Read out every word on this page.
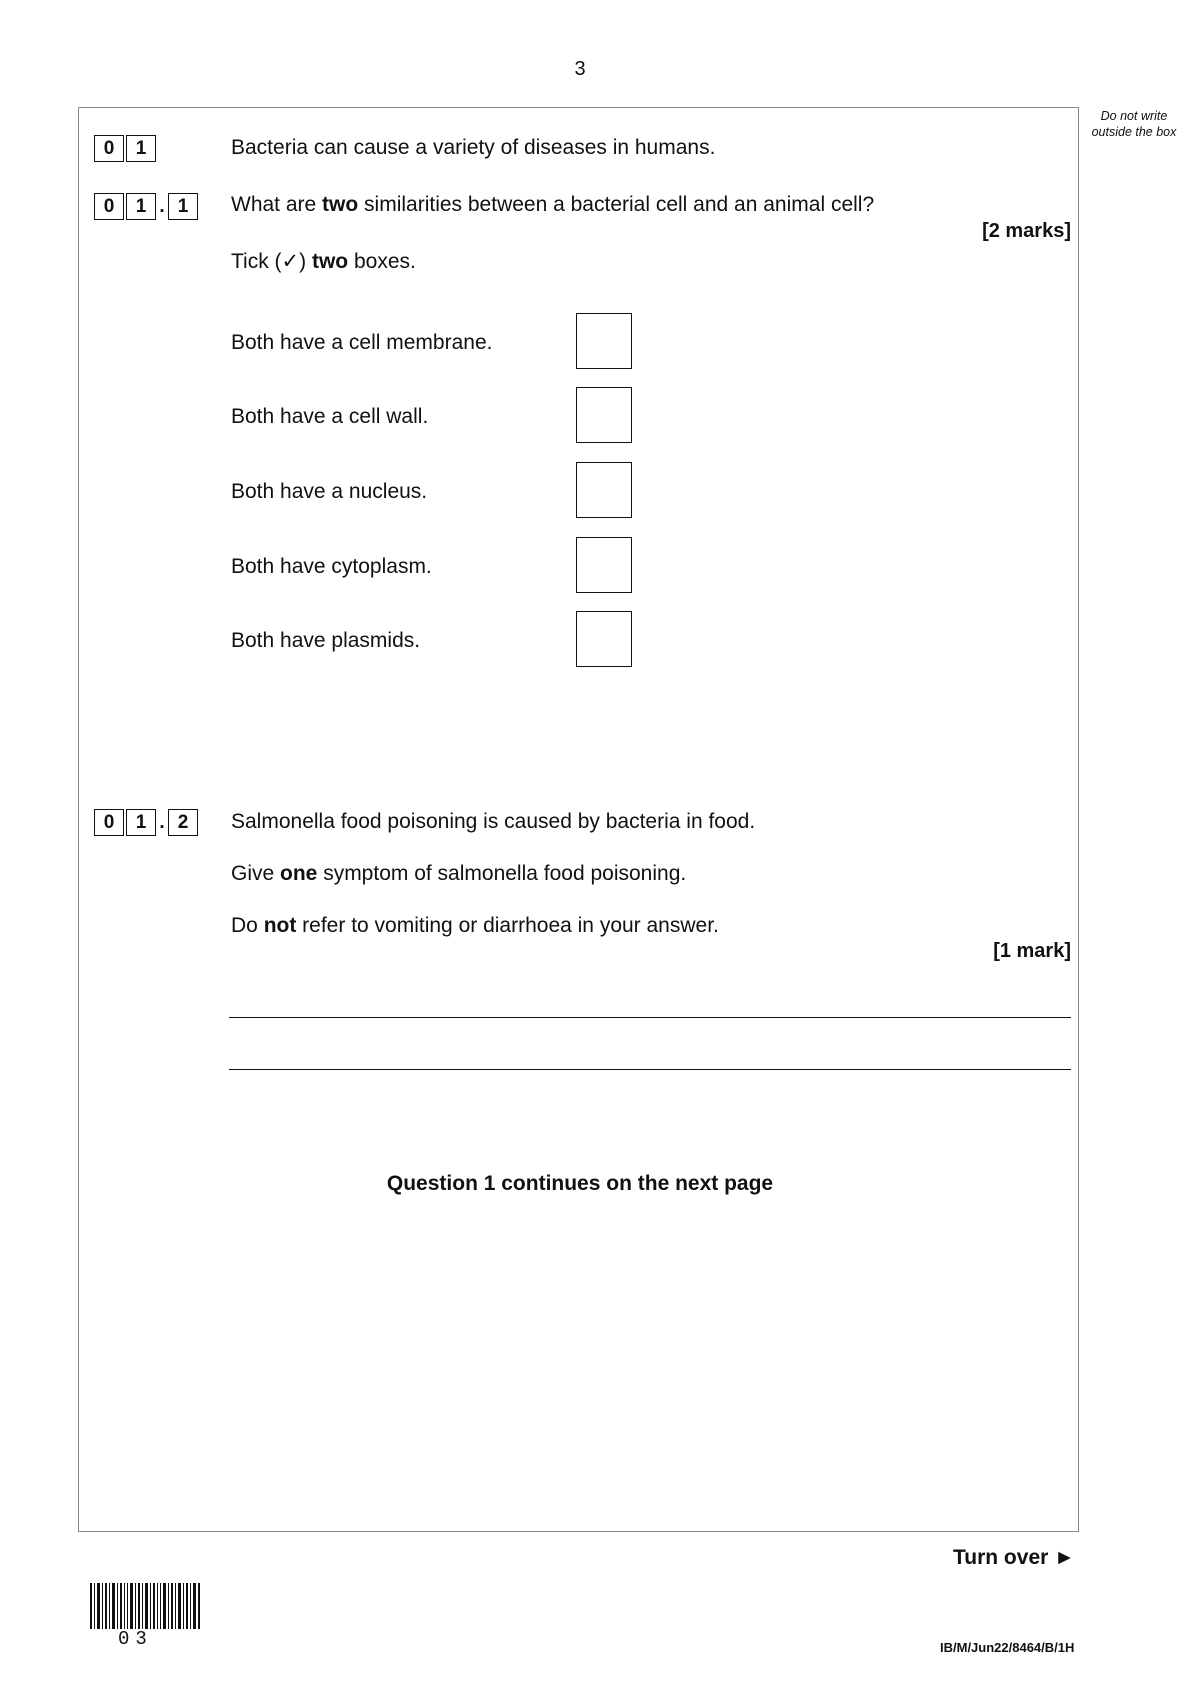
3
Do not write outside the box
0	1	Bacteria can cause a variety of diseases in humans.
0	1 . 1	What are two similarities between a bacterial cell and an animal cell?
[2 marks]
Tick (✓) two boxes.
Both have a cell membrane.
Both have a cell wall.
Both have a nucleus.
Both have cytoplasm.
Both have plasmids.
0	1 . 2	Salmonella food poisoning is caused by bacteria in food.
Give one symptom of salmonella food poisoning.
Do not refer to vomiting or diarrhoea in your answer.
[1 mark]
Question 1 continues on the next page
Turn over ►
03	IB/M/Jun22/8464/B/1H
